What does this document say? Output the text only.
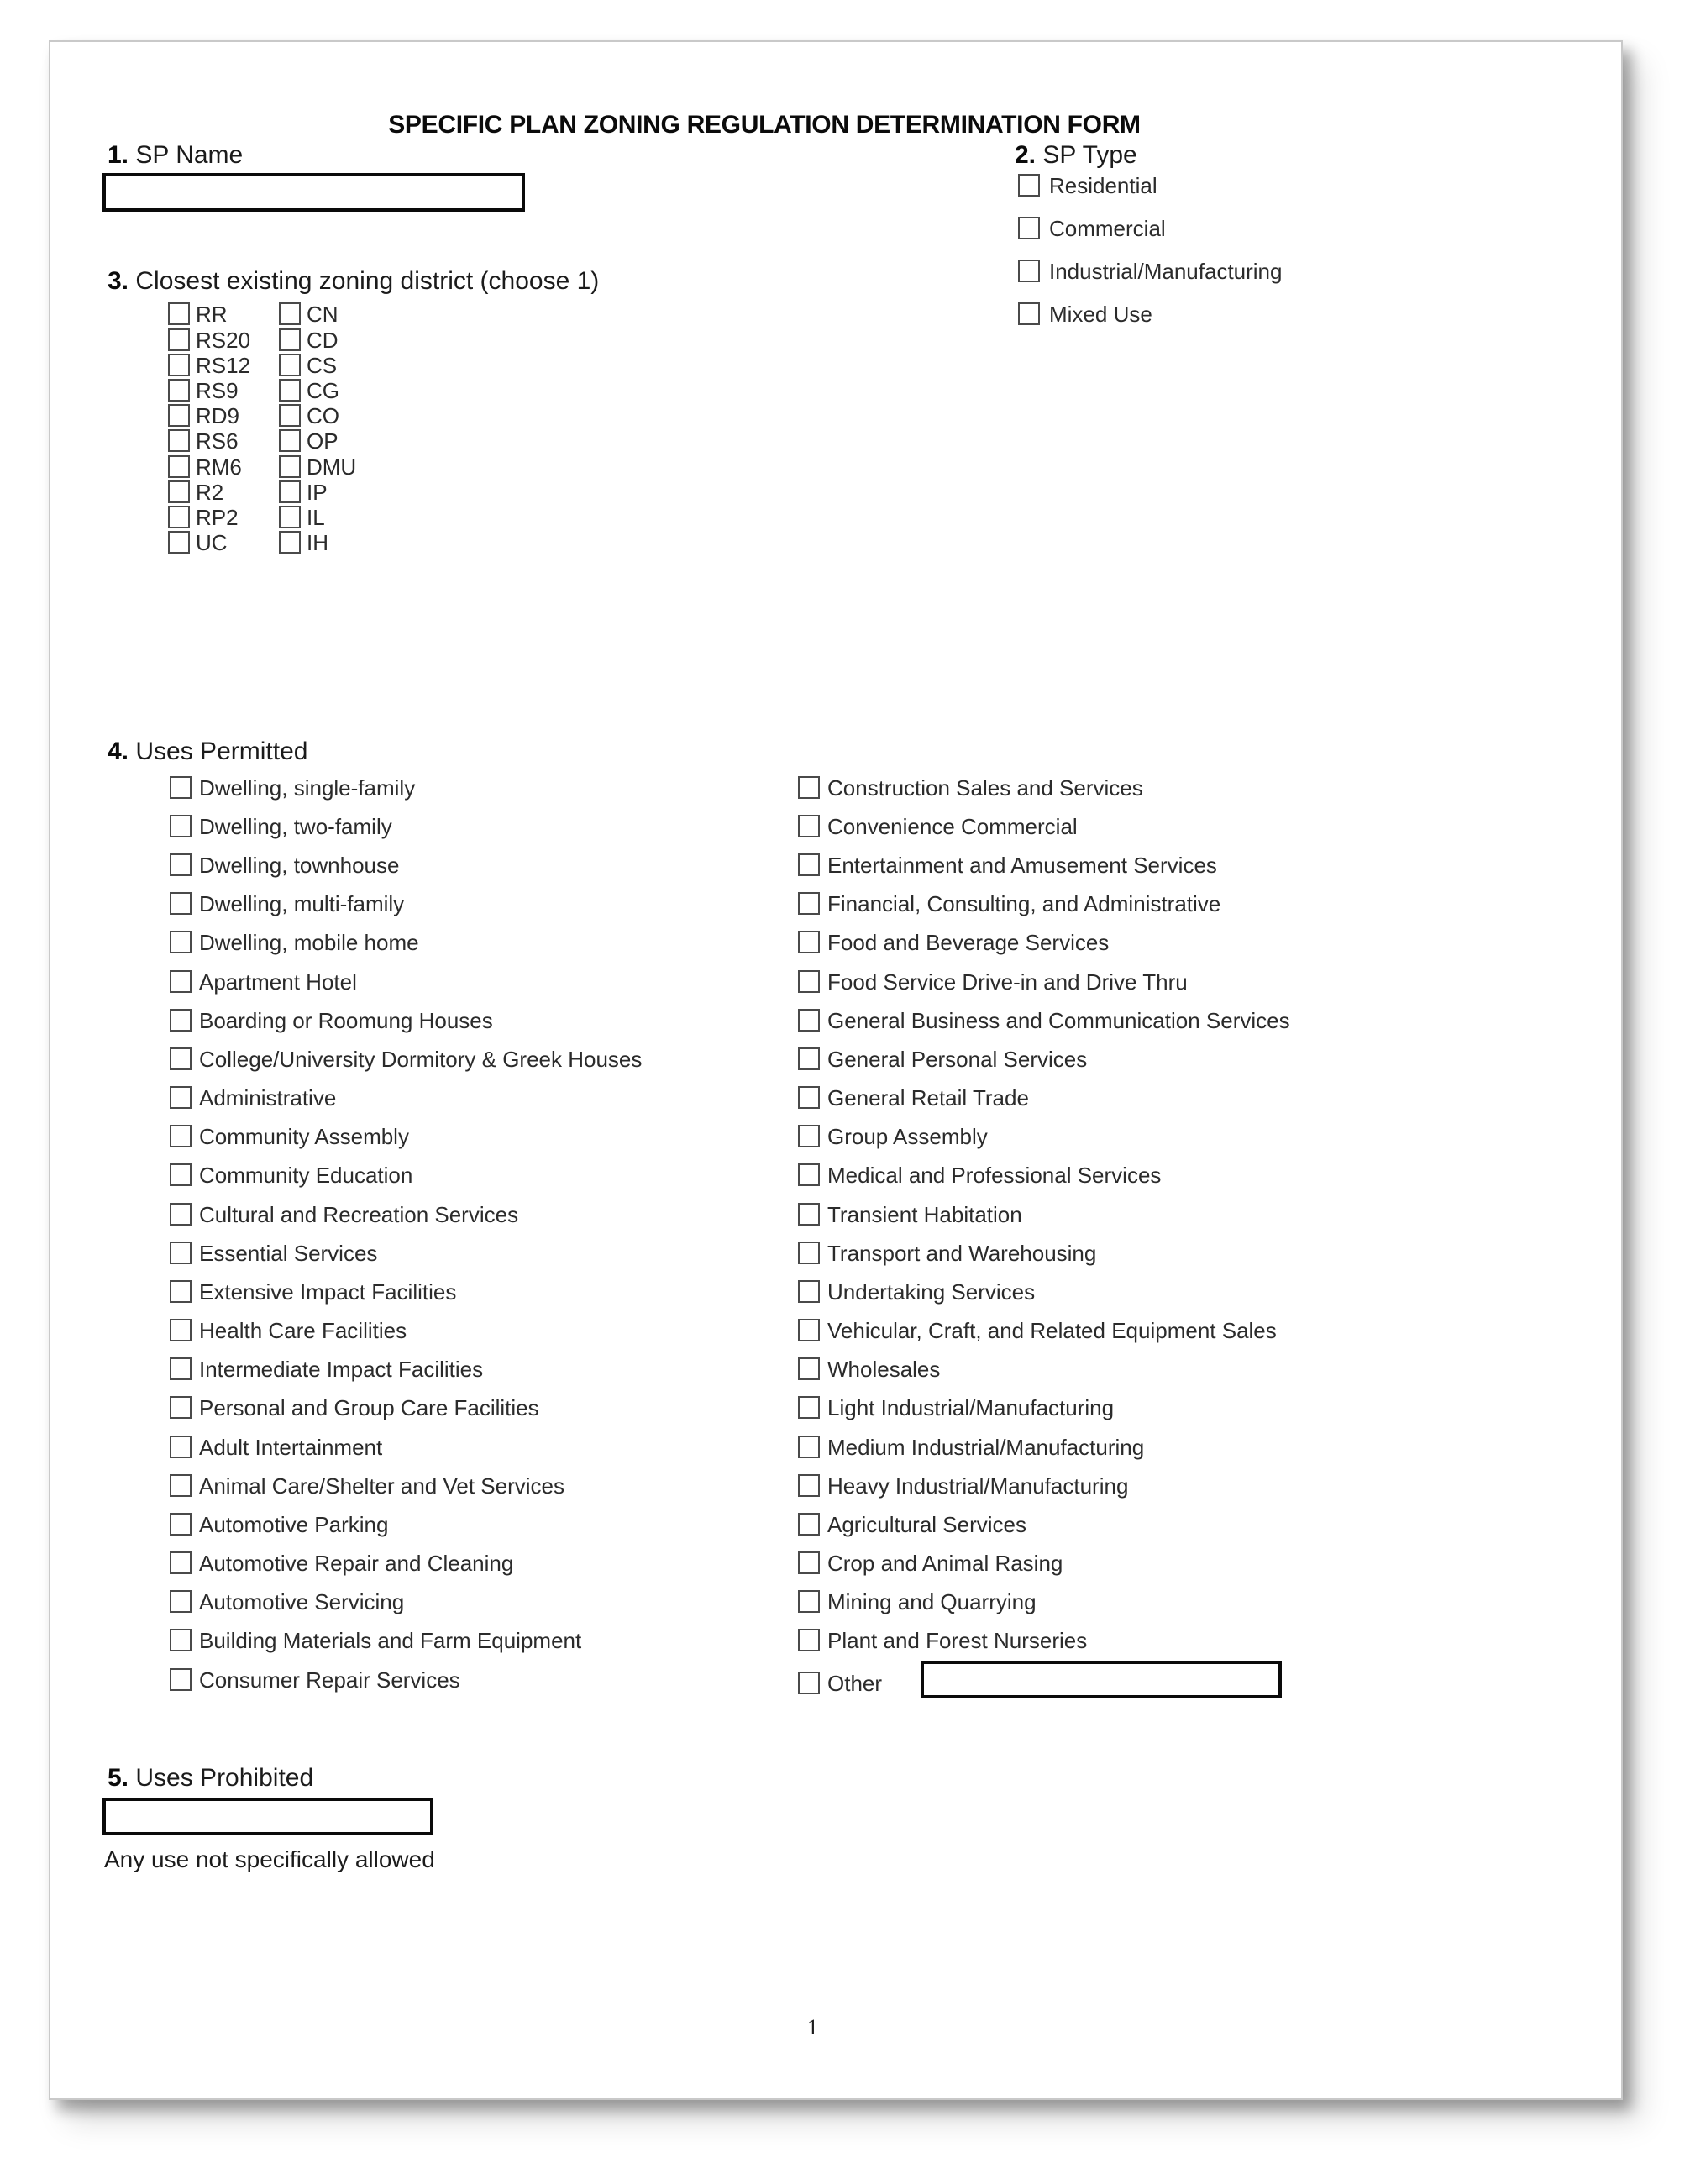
SPECIFIC PLAN ZONING REGULATION DETERMINATION FORM
1. SP Name	2. SP Type
Residential
Commercial
Industrial/Manufacturing
Mixed Use
3. Closest existing zoning district (choose 1)
RR
RS20
RS12
RS9
RD9
RS6
RM6
R2
RP2
UC
CN
CD
CS
CG
CO
OP
DMU
IP
IL
IH
4. Uses Permitted
Dwelling, single-family
Dwelling, two-family
Dwelling, townhouse
Dwelling, multi-family
Dwelling, mobile home
Apartment Hotel
Boarding or Roomung Houses
College/University Dormitory & Greek Houses
Administrative
Community Assembly
Community Education
Cultural and Recreation Services
Essential Services
Extensive Impact Facilities
Health Care Facilities
Intermediate Impact Facilities
Personal and Group Care Facilities
Adult Intertainment
Animal Care/Shelter and Vet Services
Automotive Parking
Automotive Repair and Cleaning
Automotive Servicing
Building Materials and Farm Equipment
Consumer Repair Services
Construction Sales and Services
Convenience Commercial
Entertainment and Amusement Services
Financial, Consulting, and Administrative
Food and Beverage Services
Food Service Drive-in and Drive Thru
General Business and Communication Services
General Personal Services
General Retail Trade
Group Assembly
Medical and Professional Services
Transient Habitation
Transport and Warehousing
Undertaking Services
Vehicular, Craft, and Related Equipment Sales
Wholesales
Light Industrial/Manufacturing
Medium Industrial/Manufacturing
Heavy Industrial/Manufacturing
Agricultural Services
Crop and Animal Rasing
Mining and Quarrying
Plant and Forest Nurseries
Other
5. Uses Prohibited
Any use not specifically allowed
1
